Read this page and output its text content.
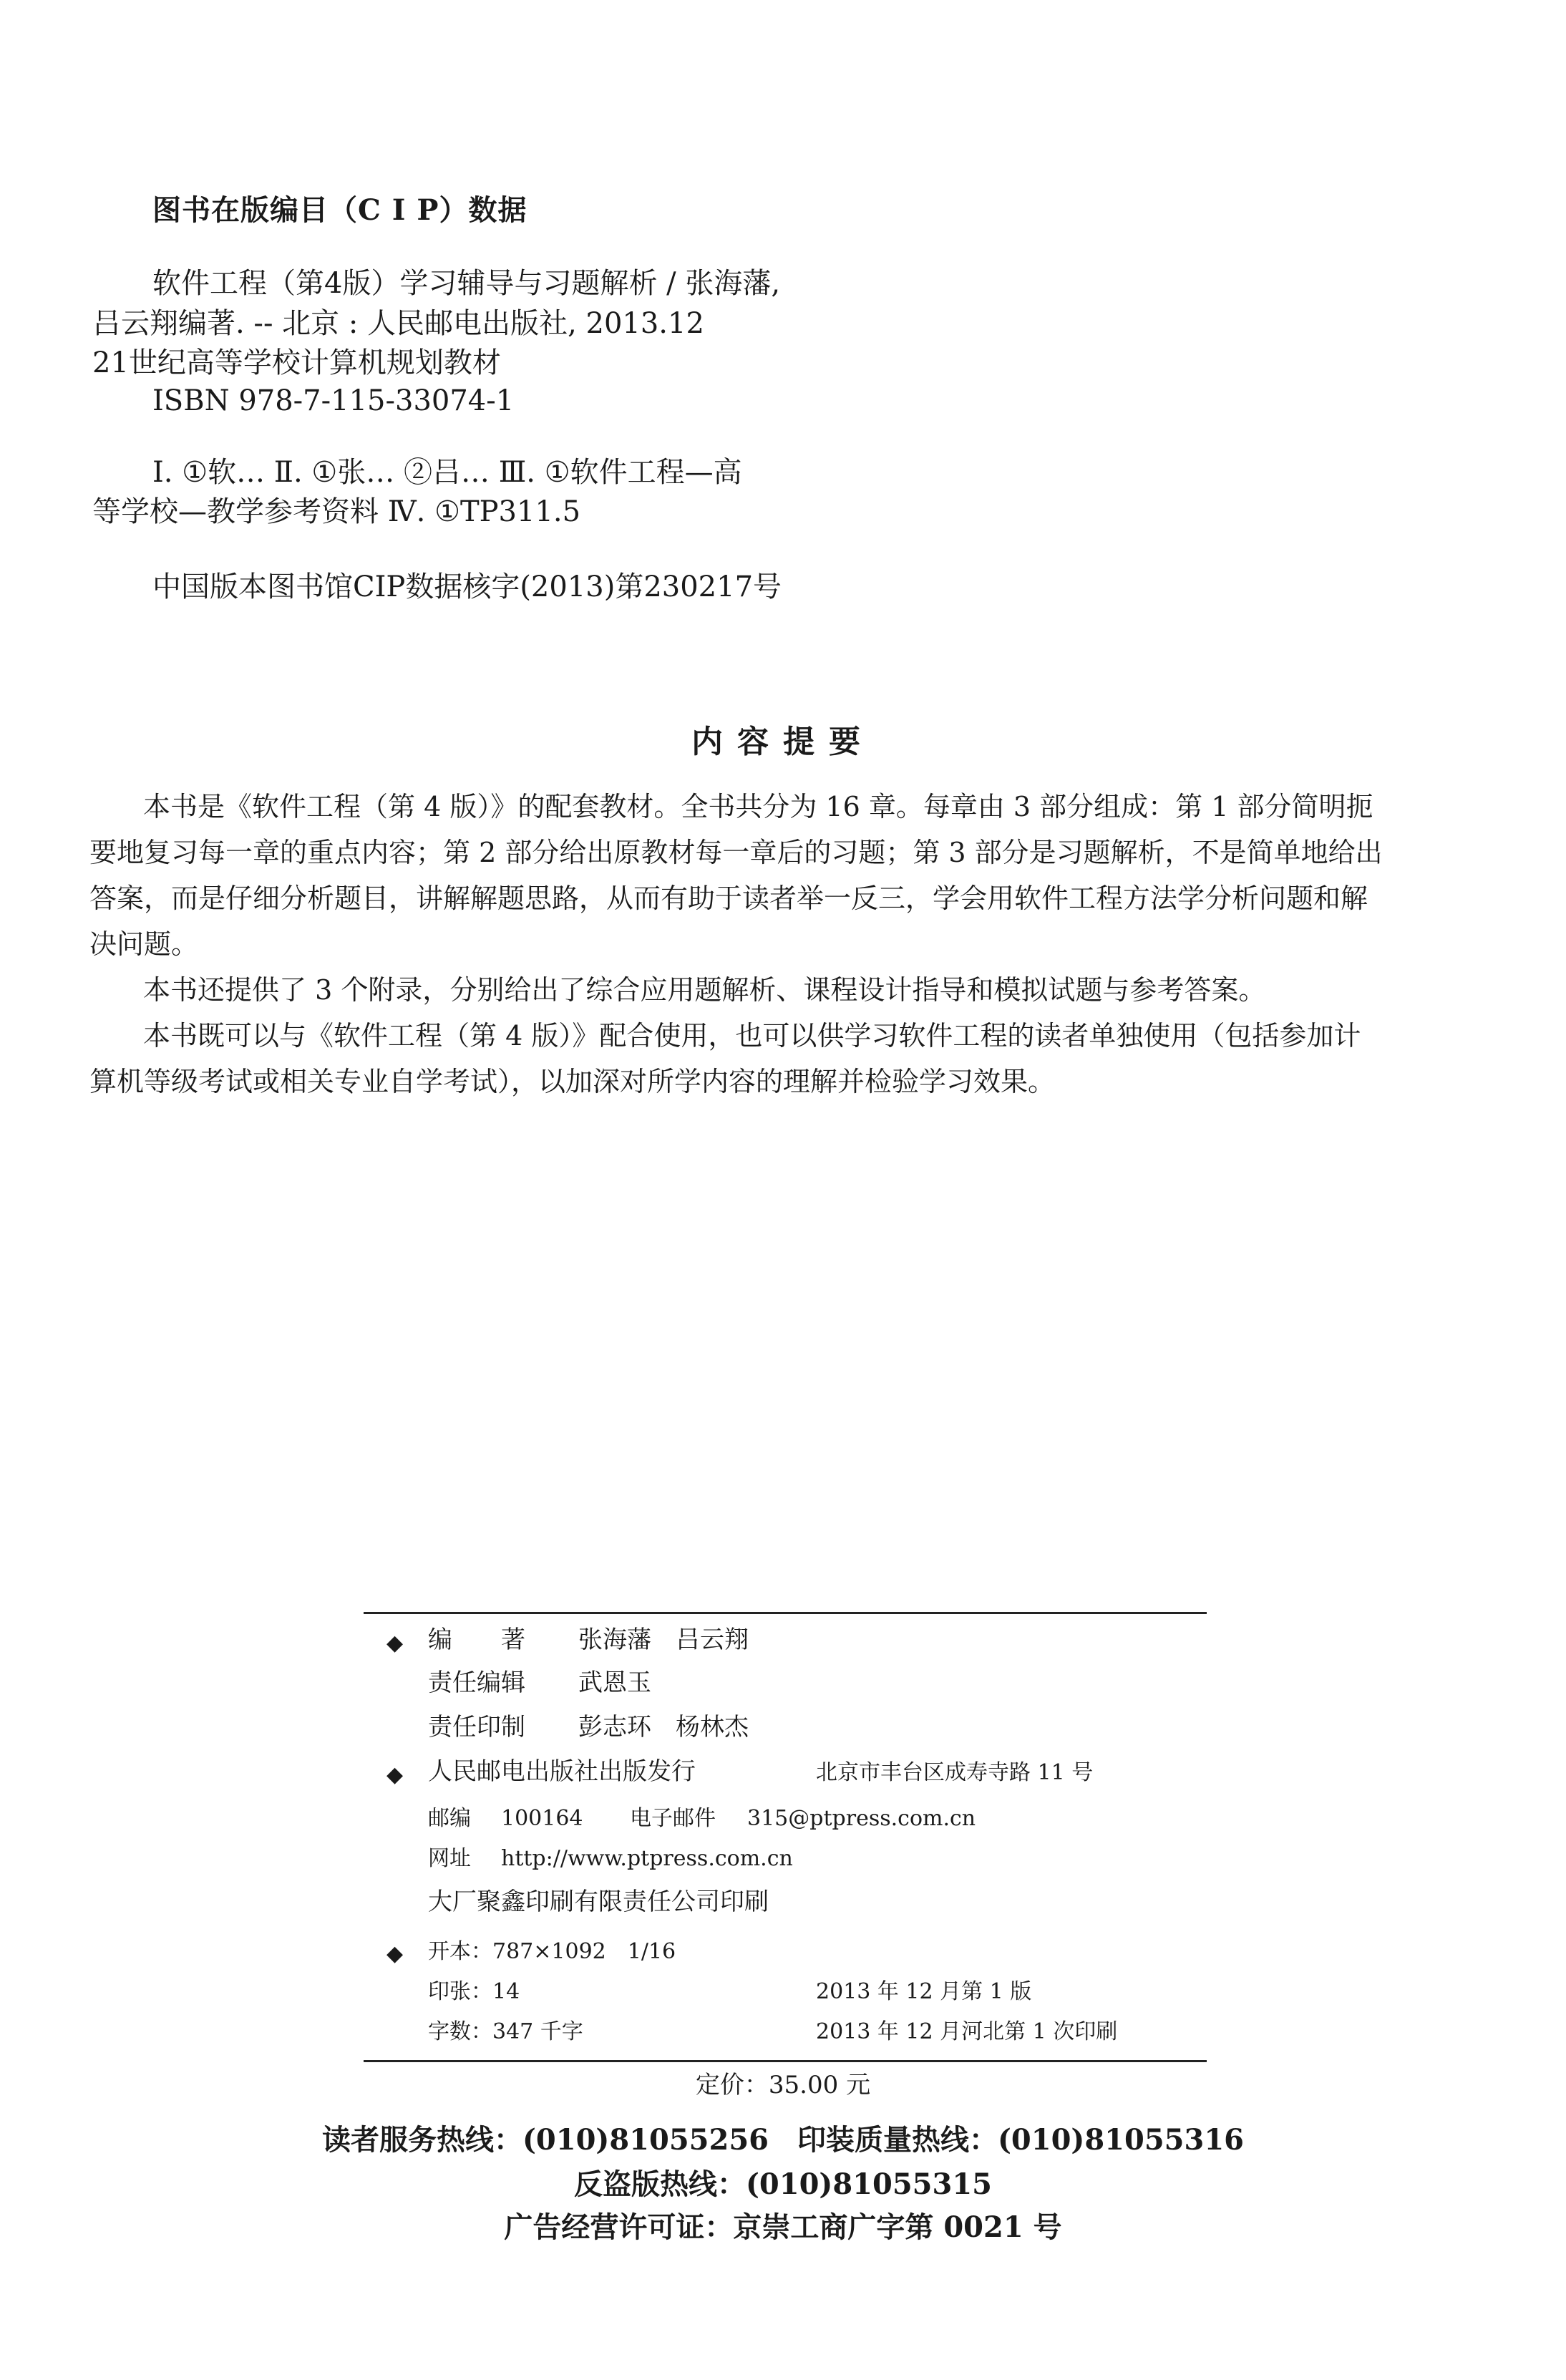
图书在版编目（C I P）数据
软件工程（第4版）学习辅导与习题解析 / 张海藩,
吕云翔编著. -- 北京 : 人民邮电出版社, 2013.12
21世纪高等学校计算机规划教材
ISBN 978-7-115-33074-1
Ⅰ. ①软… Ⅱ. ①张… ②吕… Ⅲ. ①软件工程—高
等学校—教学参考资料 Ⅳ. ①TP311.5
中国版本图书馆CIP数据核字(2013)第230217号
内容提要
本书是《软件工程（第 4 版）》的配套教材。全书共分为 16 章。每章由 3 部分组成：第 1 部分简明扼
要地复习每一章的重点内容；第 2 部分给出原教材每一章后的习题；第 3 部分是习题解析，不是简单地给出
答案，而是仔细分析题目，讲解解题思路，从而有助于读者举一反三，学会用软件工程方法学分析问题和解
决问题。
本书还提供了 3 个附录，分别给出了综合应用题解析、课程设计指导和模拟试题与参考答案。
本书既可以与《软件工程（第 4 版）》配合使用，也可以供学习软件工程的读者单独使用（包括参加计
算机等级考试或相关专业自学考试），以加深对所学内容的理解并检验学习效果。
◆ 编　　著 张海藩　吕云翔
责任编辑 武恩玉
责任印制 彭志环　杨林杰
◆ 人民邮电出版社出版发行	北京市丰台区成寿寺路 11 号
邮编 100164 电子邮件 315@ptpress.com.cn
网址 http://www.ptpress.com.cn
大厂聚鑫印刷有限责任公司印刷
◆ 开本：787×1092　1/16
印张：14	2013 年 12 月第 1 版
字数：347 千字	2013 年 12 月河北第 1 次印刷
定价：35.00 元
读者服务热线：(010)81055256　印装质量热线：(010)81055316
反盗版热线：(010)81055315
广告经营许可证：京崇工商广字第 0021 号
